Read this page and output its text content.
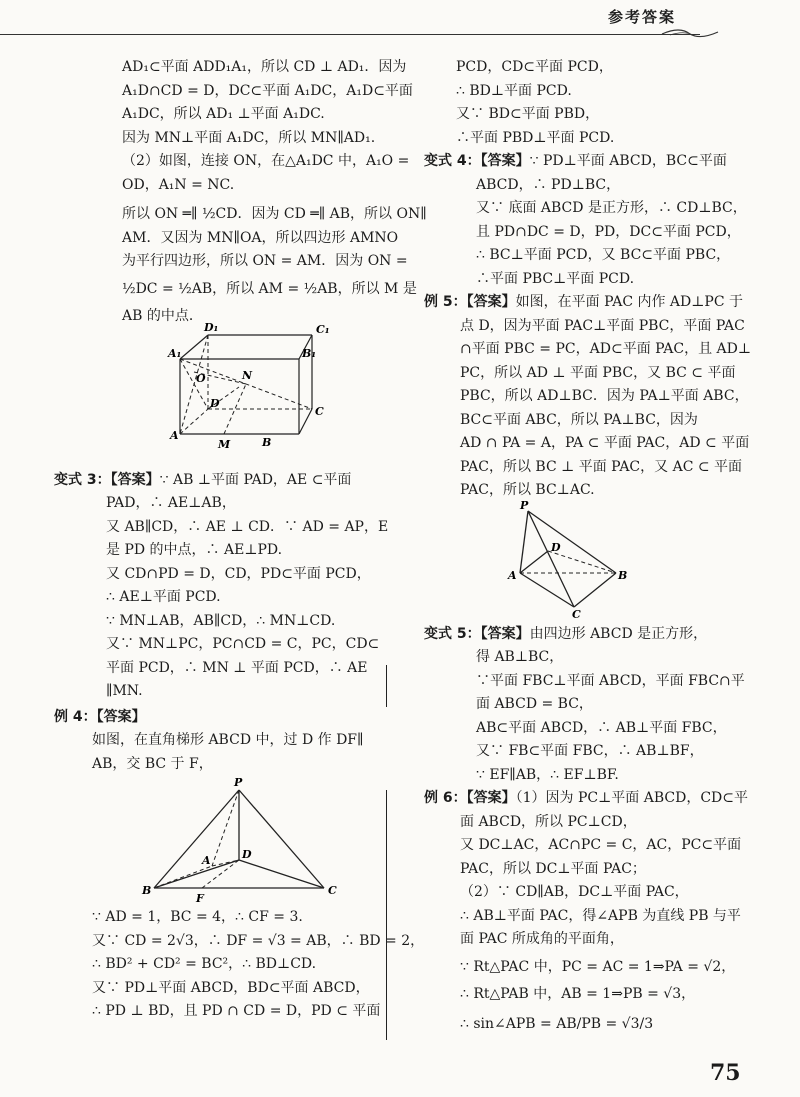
参考答案
AD₁⊂平面 ADD₁A₁，所以 CD ⊥ AD₁．因为
A₁D∩CD = D，DC⊂平面 A₁DC，A₁D⊂平面
A₁DC，所以 AD₁ ⊥平面 A₁DC.
因为 MN⊥平面 A₁DC，所以 MN∥AD₁.
（2）如图，连接 ON，在△A₁DC 中，A₁O =
OD，A₁N = NC.
所以 ON ═∥ ½CD．因为 CD ═∥ AB，所以 ON∥
AM．又因为 MN∥OA，所以四边形 AMNO
为平行四边形，所以 ON = AM．因为 ON =
½DC = ½AB，所以 AM = ½AB，所以 M 是
AB 的中点．
D₁	C₁
A₁	B₁
O	N
D
C
A
M	B
变式 3：【答案】∵ AB ⊥平面 PAD，AE ⊂平面
PAD，∴ AE⊥AB，
又 AB∥CD，∴ AE ⊥ CD．∵ AD = AP，E
是 PD 的中点，∴ AE⊥PD.
又 CD∩PD = D，CD，PD⊂平面 PCD，
∴ AE⊥平面 PCD.
∵ MN⊥AB，AB∥CD，∴ MN⊥CD.
又∵ MN⊥PC，PC∩CD = C，PC，CD⊂
平面 PCD，∴ MN ⊥ 平面 PCD，∴ AE
∥MN.
例 4：【答案】
如图，在直角梯形 ABCD 中，过 D 作 DF∥
AB，交 BC 于 F，
P
A	D
B
F
C
∵ AD = 1，BC = 4，∴ CF = 3.
又∵ CD = 2√3，∴ DF = √3 = AB，∴ BD = 2，
∴ BD² + CD² = BC²，∴ BD⊥CD.
又∵ PD⊥平面 ABCD，BD⊂平面 ABCD，
∴ PD ⊥ BD，且 PD ∩ CD = D，PD ⊂ 平面
PCD，CD⊂平面 PCD，
∴ BD⊥平面 PCD.
又∵ BD⊂平面 PBD，
∴平面 PBD⊥平面 PCD.
变式 4：【答案】∵ PD⊥平面 ABCD，BC⊂平面
ABCD，∴ PD⊥BC，
又∵ 底面 ABCD 是正方形，∴ CD⊥BC，
且 PD∩DC = D，PD，DC⊂平面 PCD，
∴ BC⊥平面 PCD，又 BC⊂平面 PBC，
∴平面 PBC⊥平面 PCD.
例 5：【答案】如图，在平面 PAC 内作 AD⊥PC 于
点 D，因为平面 PAC⊥平面 PBC，平面 PAC
∩平面 PBC = PC，AD⊂平面 PAC，且 AD⊥
PC，所以 AD ⊥ 平面 PBC，又 BC ⊂ 平面
PBC，所以 AD⊥BC．因为 PA⊥平面 ABC，
BC⊂平面 ABC，所以 PA⊥BC，因为
AD ∩ PA = A，PA ⊂ 平面 PAC，AD ⊂ 平面
PAC，所以 BC ⊥ 平面 PAC，又 AC ⊂ 平面
PAC，所以 BC⊥AC.
P
D
A	B
C
变式 5：【答案】由四边形 ABCD 是正方形，
得 AB⊥BC，
∵平面 FBC⊥平面 ABCD，平面 FBC∩平
面 ABCD = BC，
AB⊂平面 ABCD，∴ AB⊥平面 FBC，
又∵ FB⊂平面 FBC，∴ AB⊥BF，
∵ EF∥AB，∴ EF⊥BF.
例 6：【答案】（1）因为 PC⊥平面 ABCD，CD⊂平
面 ABCD，所以 PC⊥CD，
又 DC⊥AC，AC∩PC = C，AC，PC⊂平面
PAC，所以 DC⊥平面 PAC；
（2）∵ CD∥AB，DC⊥平面 PAC，
∴ AB⊥平面 PAC，得∠APB 为直线 PB 与平
面 PAC 所成角的平面角，
∵ Rt△PAC 中，PC = AC = 1⇒PA = √2，
∴ Rt△PAB 中，AB = 1⇒PB = √3，
∴ sin∠APB = AB/PB = √3/3
75
